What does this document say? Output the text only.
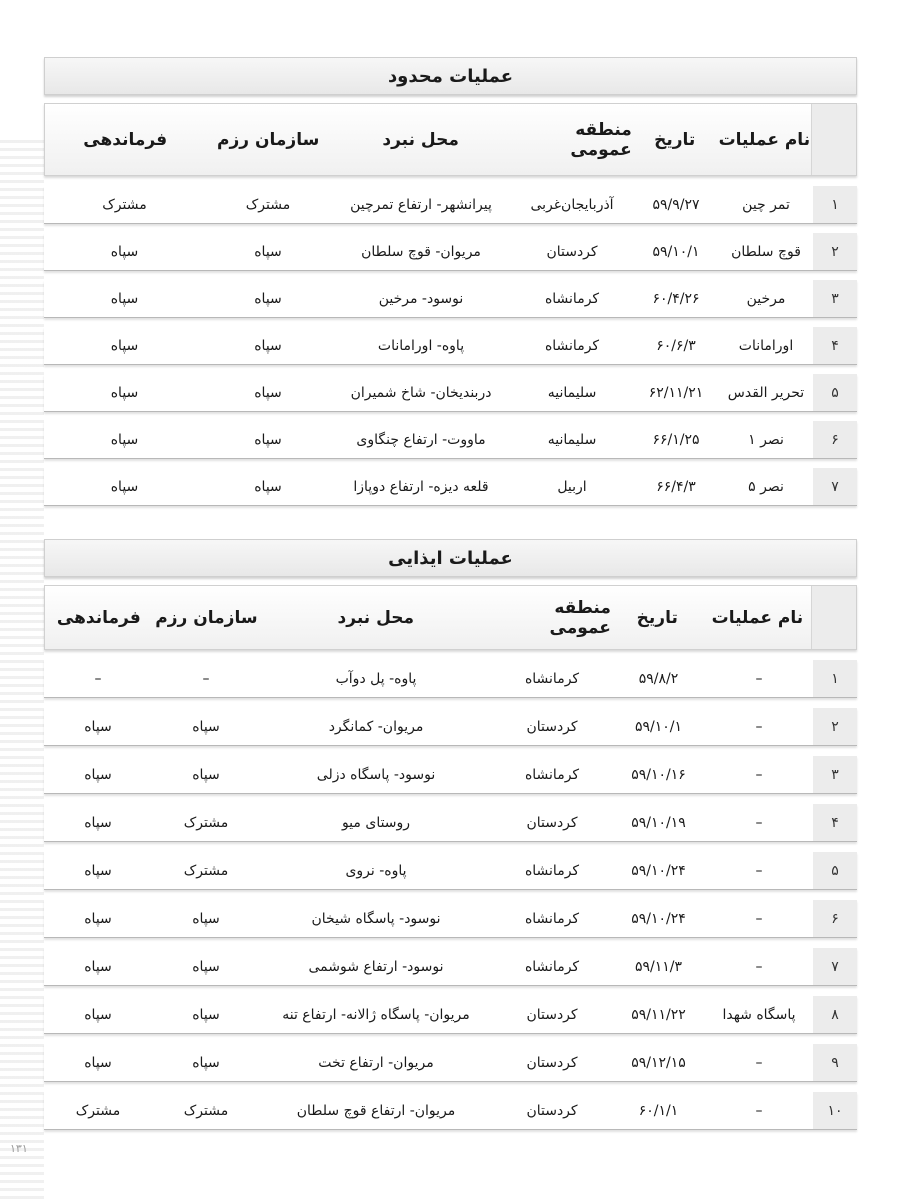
۱۳۱
عملیات محدود
نام عملیات
تاریخ
منطقه عمومی
محل نبرد
سازمان رزم
فرماندهی
۱
تمر چین
۵۹/۹/۲۷
آذربایجان‌غربی
پیرانشهر- ارتفاع تمرچین
مشترک
مشترک
۲
قوچ سلطان
۵۹/۱۰/۱
کردستان
مریوان- قوچ سلطان
سپاه
سپاه
۳
مرخین
۶۰/۴/۲۶
کرمانشاه
نوسود- مرخین
سپاه
سپاه
۴
اورامانات
۶۰/۶/۳
کرمانشاه
پاوه- اورامانات
سپاه
سپاه
۵
تحریر القدس
۶۲/۱۱/۲۱
سلیمانیه
دربندیخان- شاخ شمیران
سپاه
سپاه
۶
نصر ۱
۶۶/۱/۲۵
سلیمانیه
ماووت- ارتفاع چنگاوی
سپاه
سپاه
۷
نصر ۵
۶۶/۴/۳
اربیل
قلعه دیزه- ارتفاع دوپازا
سپاه
سپاه
عملیات ایذایی
نام عملیات
تاریخ
منطقه عمومی
محل نبرد
سازمان رزم
فرماندهی
۱
–
۵۹/۸/۲
کرمانشاه
پاوه- پل دوآب
–
–
۲
–
۵۹/۱۰/۱
کردستان
مریوان- کمانگرد
سپاه
سپاه
۳
–
۵۹/۱۰/۱۶
کرمانشاه
نوسود- پاسگاه دزلی
سپاه
سپاه
۴
–
۵۹/۱۰/۱۹
کردستان
روستای میو
مشترک
سپاه
۵
–
۵۹/۱۰/۲۴
کرمانشاه
پاوه- نروی
مشترک
سپاه
۶
–
۵۹/۱۰/۲۴
کرمانشاه
نوسود- پاسگاه شیخان
سپاه
سپاه
۷
–
۵۹/۱۱/۳
کرمانشاه
نوسود- ارتفاع شوشمی
سپاه
سپاه
۸
پاسگاه شهدا
۵۹/۱۱/۲۲
کردستان
مریوان- پاسگاه ژالانه- ارتفاع تنه
سپاه
سپاه
۹
–
۵۹/۱۲/۱۵
کردستان
مریوان- ارتفاع تخت
سپاه
سپاه
۱۰
–
۶۰/۱/۱
کردستان
مریوان- ارتفاع قوچ سلطان
مشترک
مشترک
